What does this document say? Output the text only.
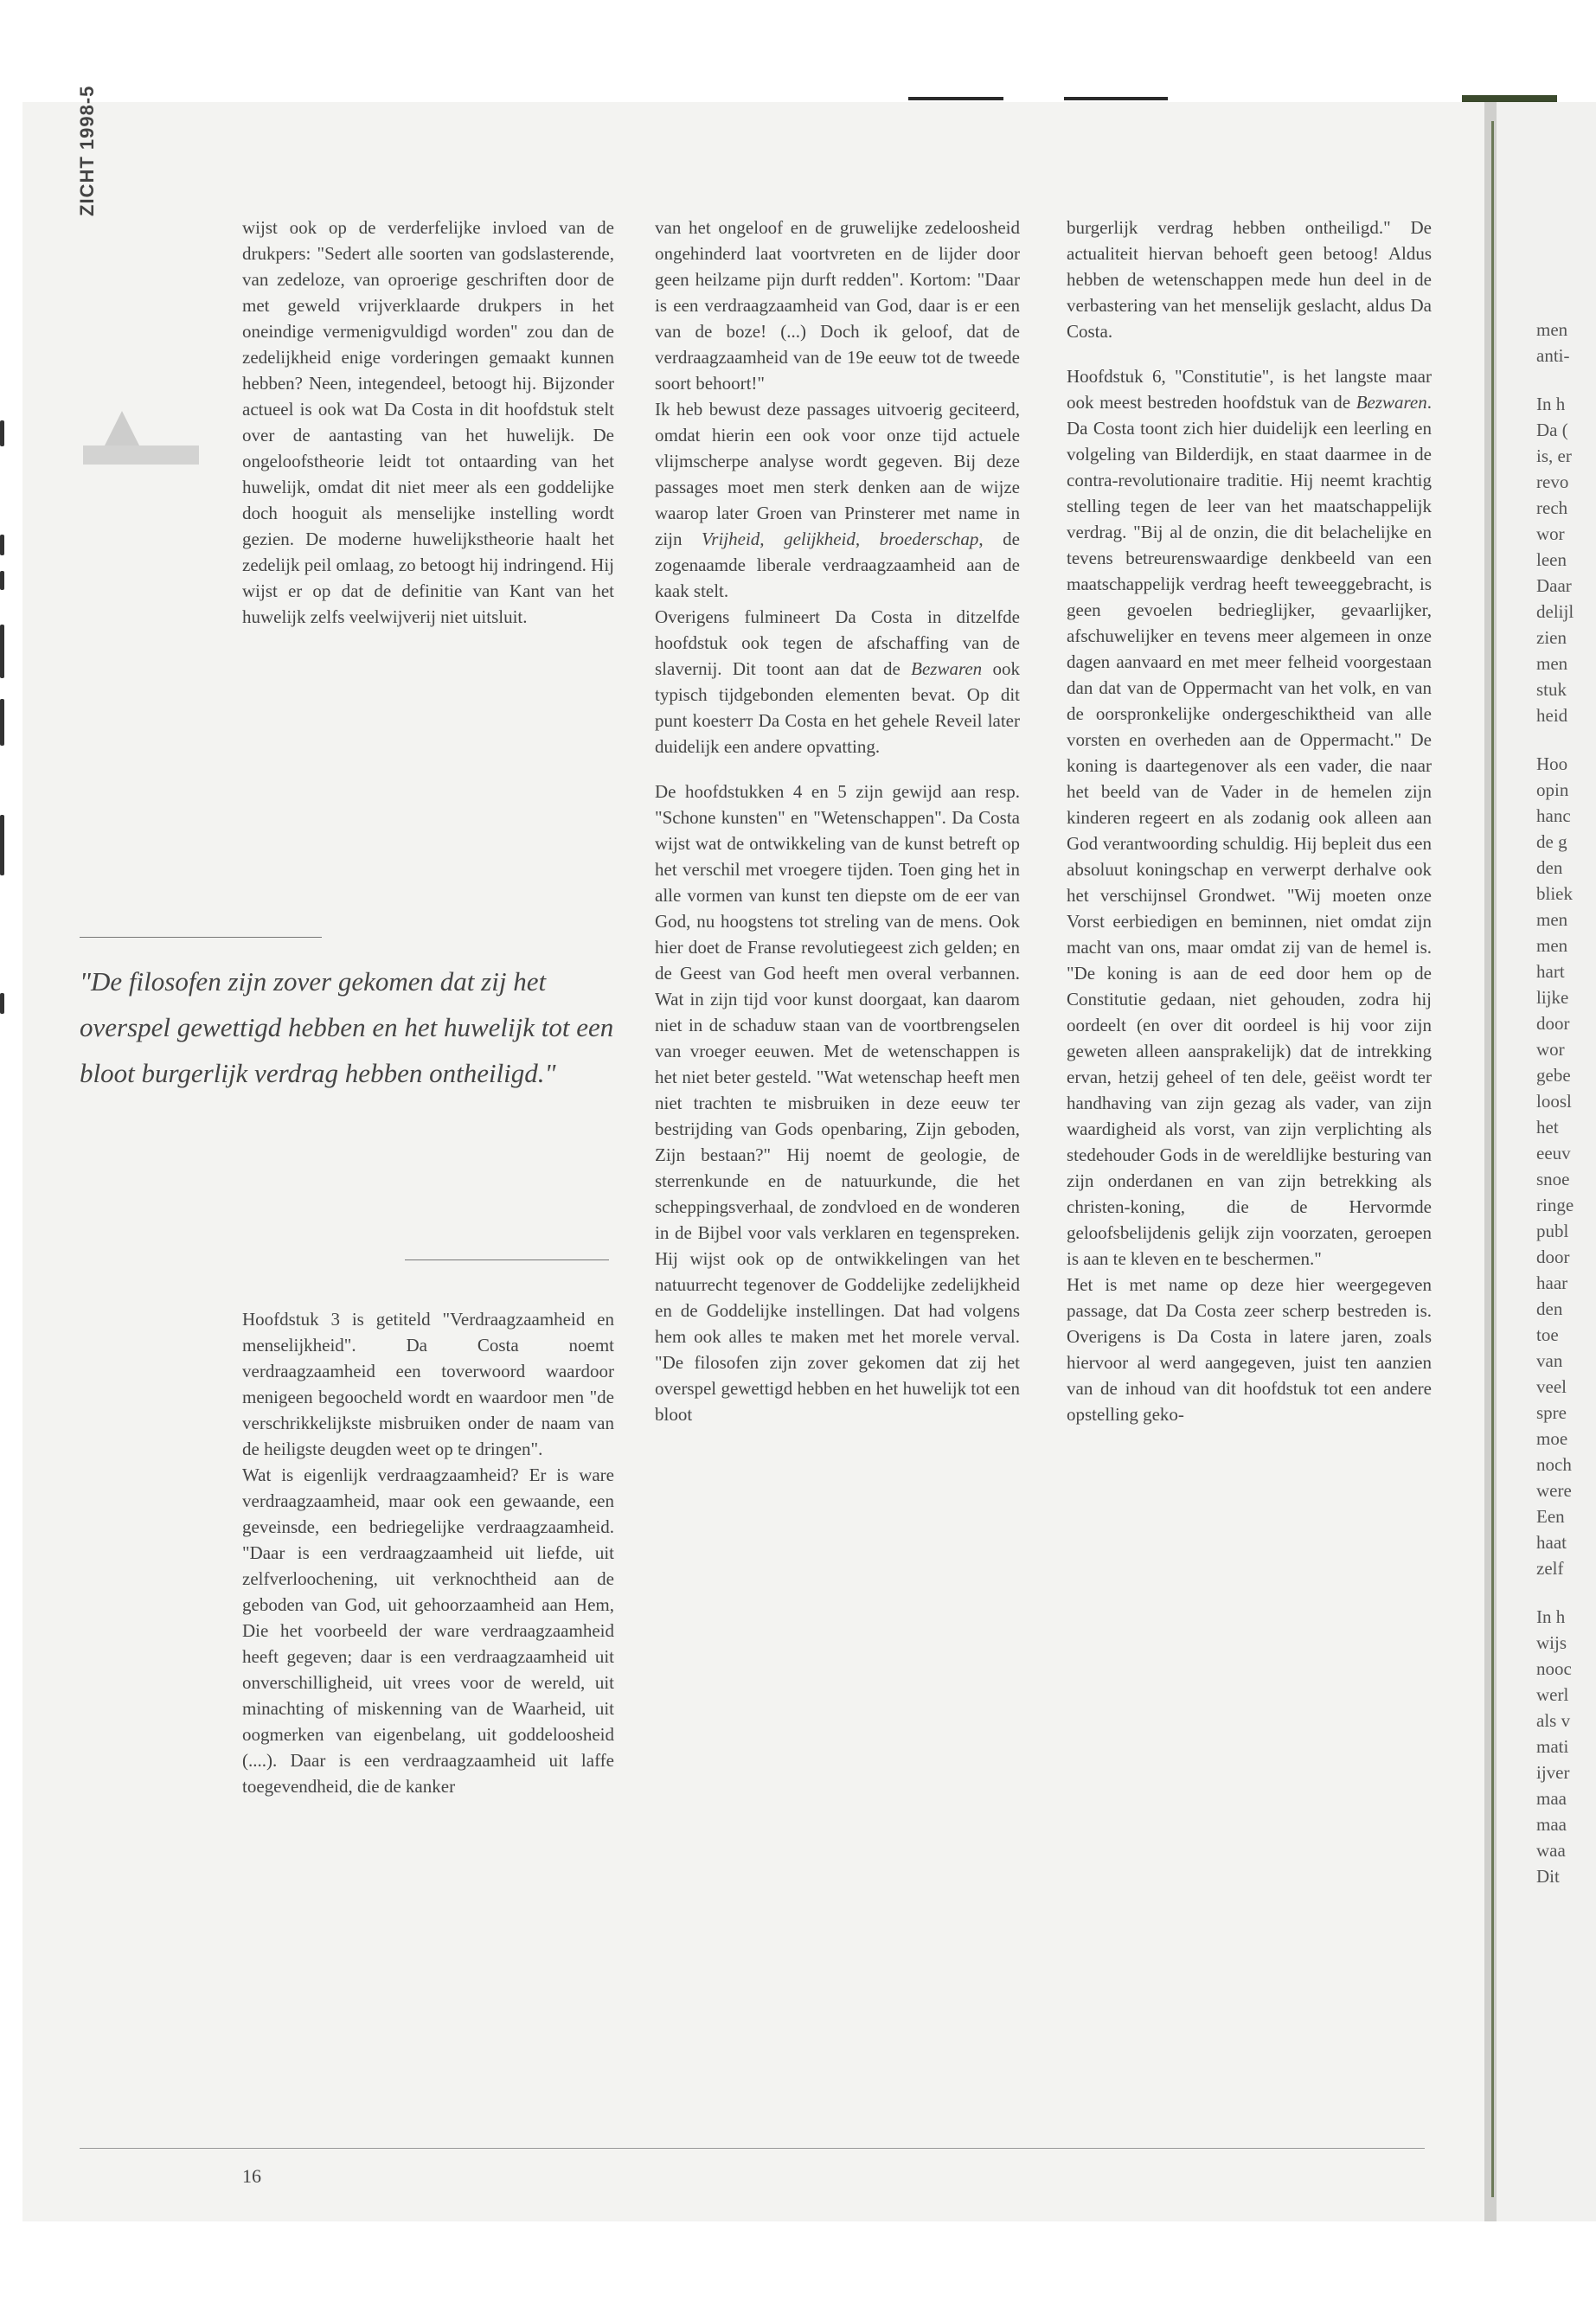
ZICHT 1998-5

wijst ook op de verderfelijke invloed van de drukpers: "Sedert alle soorten van godslasterende, van zedeloze, van oproerige geschriften door de met geweld vrijverklaarde drukpers in het oneindige vermenigvuldigd worden" zou dan de zedelijkheid enige vorderingen gemaakt kunnen hebben? Neen, integendeel, betoogt hij. Bijzonder actueel is ook wat Da Costa in dit hoofdstuk stelt over de aantasting van het huwelijk. De ongeloofstheorie leidt tot ontaarding van het huwelijk, omdat dit niet meer als een goddelijke doch hooguit als menselijke instelling wordt gezien. De moderne huwelijkstheorie haalt het zedelijk peil omlaag, zo betoogt hij indringend. Hij wijst er op dat de definitie van Kant van het huwelijk zelfs veelwijverij niet uitsluit.

"De filosofen zijn zover gekomen dat zij het overspel gewettigd hebben en het huwelijk tot een bloot burgerlijk verdrag hebben ontheiligd."

Hoofdstuk 3 is getiteld "Verdraagzaamheid en menselijkheid". Da Costa noemt verdraagzaamheid een toverwoord waardoor menigeen begoocheld wordt en waardoor men "de verschrikkelijkste misbruiken onder de naam van de heiligste deugden weet op te dringen".

Wat is eigenlijk verdraagzaamheid? Er is ware verdraagzaamheid, maar ook een gewaande, een geveinsde, een bedriegelijke verdraagzaamheid. "Daar is een verdraagzaamheid uit liefde, uit zelfverloochening, uit verknochtheid aan de geboden van God, uit gehoorzaamheid aan Hem, Die het voorbeeld der ware verdraagzaamheid heeft gegeven; daar is een verdraagzaamheid uit onverschilligheid, uit vrees voor de wereld, uit minachting of miskenning van de Waarheid, uit oogmerken van eigenbelang, uit goddeloosheid (....). Daar is een verdraagzaamheid uit laffe toegevendheid, die de kanker

van het ongeloof en de gruwelijke zedeloosheid ongehinderd laat voortvreten en de lijder door geen heilzame pijn durft redden". Kortom: "Daar is een verdraagzaamheid van God, daar is er een van de boze! (...) Doch ik geloof, dat de verdraagzaamheid van de 19e eeuw tot de tweede soort behoort!"

Ik heb bewust deze passages uitvoerig geciteerd, omdat hierin een ook voor onze tijd actuele vlijmscherpe analyse wordt gegeven. Bij deze passages moet men sterk denken aan de wijze waarop later Groen van Prinsterer met name in zijn Vrijheid, gelijkheid, broederschap, de zogenaamde liberale verdraagzaamheid aan de kaak stelt.

Overigens fulmineert Da Costa in ditzelfde hoofdstuk ook tegen de afschaffing van de slavernij. Dit toont aan dat de Bezwaren ook typisch tijdgebonden elementen bevat. Op dit punt koesterт Da Costa en het gehele Reveil later duidelijk een andere opvatting.

De hoofdstukken 4 en 5 zijn gewijd aan resp. "Schone kunsten" en "Wetenschappen". Da Costa wijst wat de ontwikkeling van de kunst betreft op het verschil met vroegere tijden. Toen ging het in alle vormen van kunst ten diepste om de eer van God, nu hoogstens tot streling van de mens. Ook hier doet de Franse revolutiegeest zich gelden; en de Geest van God heeft men overal verbannen. Wat in zijn tijd voor kunst doorgaat, kan daarom niet in de schaduw staan van de voortbrengselen van vroeger eeuwen. Met de wetenschappen is het niet beter gesteld. "Wat wetenschap heeft men niet trachten te misbruiken in deze eeuw ter bestrijding van Gods openbaring, Zijn geboden, Zijn bestaan?" Hij noemt de geologie, de sterrenkunde en de natuurkunde, die het scheppingsverhaal, de zondvloed en de wonderen in de Bijbel voor vals verklaren en tegenspreken. Hij wijst ook op de ontwikkelingen van het natuurrecht tegenover de Goddelijke zedelijkheid en de Goddelijke instellingen. Dat had volgens hem ook alles te maken met het morele verval. "De filosofen zijn zover gekomen dat zij het overspel gewettigd hebben en het huwelijk tot een bloot

burgerlijk verdrag hebben ontheiligd." De actualiteit hiervan behoeft geen betoog! Aldus hebben de wetenschappen mede hun deel in de verbastering van het menselijk geslacht, aldus Da Costa.

Hoofdstuk 6, "Constitutie", is het langste maar ook meest bestreden hoofdstuk van de Bezwaren. Da Costa toont zich hier duidelijk een leerling en volgeling van Bilderdijk, en staat daarmee in de contra-revolutionaire traditie. Hij neemt krachtig stelling tegen de leer van het maatschappelijk verdrag. "Bij al de onzin, die dit belachelijke en tevens betreurenswaardige denkbeeld van een maatschappelijk verdrag heeft teweeggebracht, is geen gevoelen bedrieglijker, gevaarlijker, afschuwelijker en tevens meer algemeen in onze dagen aanvaard en met meer felheid voorgestaan dan dat van de Oppermacht van het volk, en van de oorspronkelijke ondergeschiktheid van alle vorsten en overheden aan de Oppermacht." De koning is daartegenover als een vader, die naar het beeld van de Vader in de hemelen zijn kinderen regeert en als zodanig ook alleen aan God verantwoording schuldig. Hij bepleit dus een absoluut koningschap en verwerpt derhalve ook het verschijnsel Grondwet. "Wij moeten onze Vorst eerbiedigen en beminnen, niet omdat zijn macht van ons, maar omdat zij van de hemel is. "De koning is aan de eed door hem op de Constitutie gedaan, niet gehouden, zodra hij oordeelt (en over dit oordeel is hij voor zijn geweten alleen aansprakelijk) dat de intrekking ervan, hetzij geheel of ten dele, geëist wordt ter handhaving van zijn gezag als vader, van zijn waardigheid als vorst, van zijn verplichting als stedehouder Gods in de wereldlijke besturing van zijn onderdanen en van zijn betrekking als christen-koning, die de Hervormde geloofsbelijdenis gelijk zijn voorzaten, geroepen is aan te kleven en te beschermen."

Het is met name op deze hier weergegeven passage, dat Da Costa zeer scherp bestreden is. Overigens is Da Costa in latere jaren, zoals hiervoor al werd aangegeven, juist ten aanzien van de inhoud van dit hoofdstuk tot een andere opstelling geko-

16
men
anti-
In h
Da (
is, er
revo
rech
wor
leen
Daar
delijl
zien
men
stuk
heid
Hoo
opin
hanc
de g
den
bliek
men
men
hart
lijke
door
wor
gebe
loosl
het
eeuv
snoe
ringe
publ
door
haar
den
toe
van
veel
spre
moe
noch
were
Een
haat
zelf
In h
wijs
nooc
werl
als v
mati
ijver
maa
maa
waa
Dit
